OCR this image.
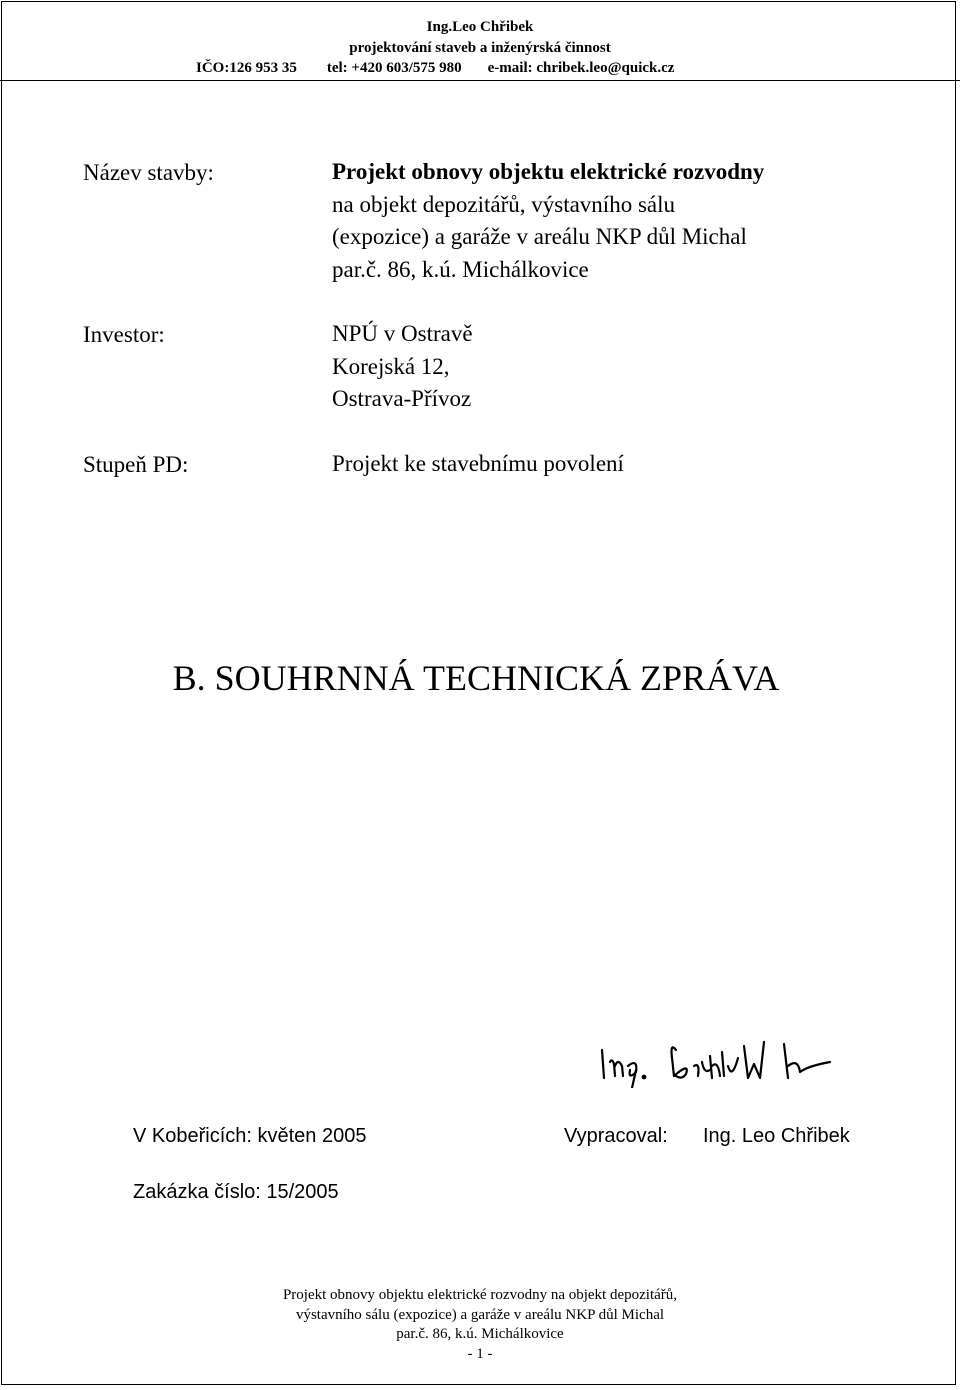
Ing.Leo Chřibek
projektování staveb a inženýrská činnost
IČO:126 953 35 tel: +420 603/575 980 e-mail: chribek.leo@quick.cz
Název stavby:	Projekt obnovy objektu elektrické rozvodny
na objekt depozitářů, výstavního sálu
(expozice) a garáže v areálu NKP důl Michal
par.č. 86, k.ú. Michálkovice
Investor:	NPÚ v Ostravě
Korejská 12,
Ostrava-Přívoz
Stupeň PD:	Projekt ke stavebnímu povolení
B. SOUHRNNÁ TECHNICKÁ ZPRÁVA
V Kobeřicích: květen 2005	Vypracoval: Ing. Leo Chřibek
Zakázka číslo: 15/2005
Projekt obnovy objektu elektrické rozvodny na objekt depozitářů,
výstavního sálu (expozice) a garáže v areálu NKP důl Michal
par.č. 86, k.ú. Michálkovice
- 1 -
